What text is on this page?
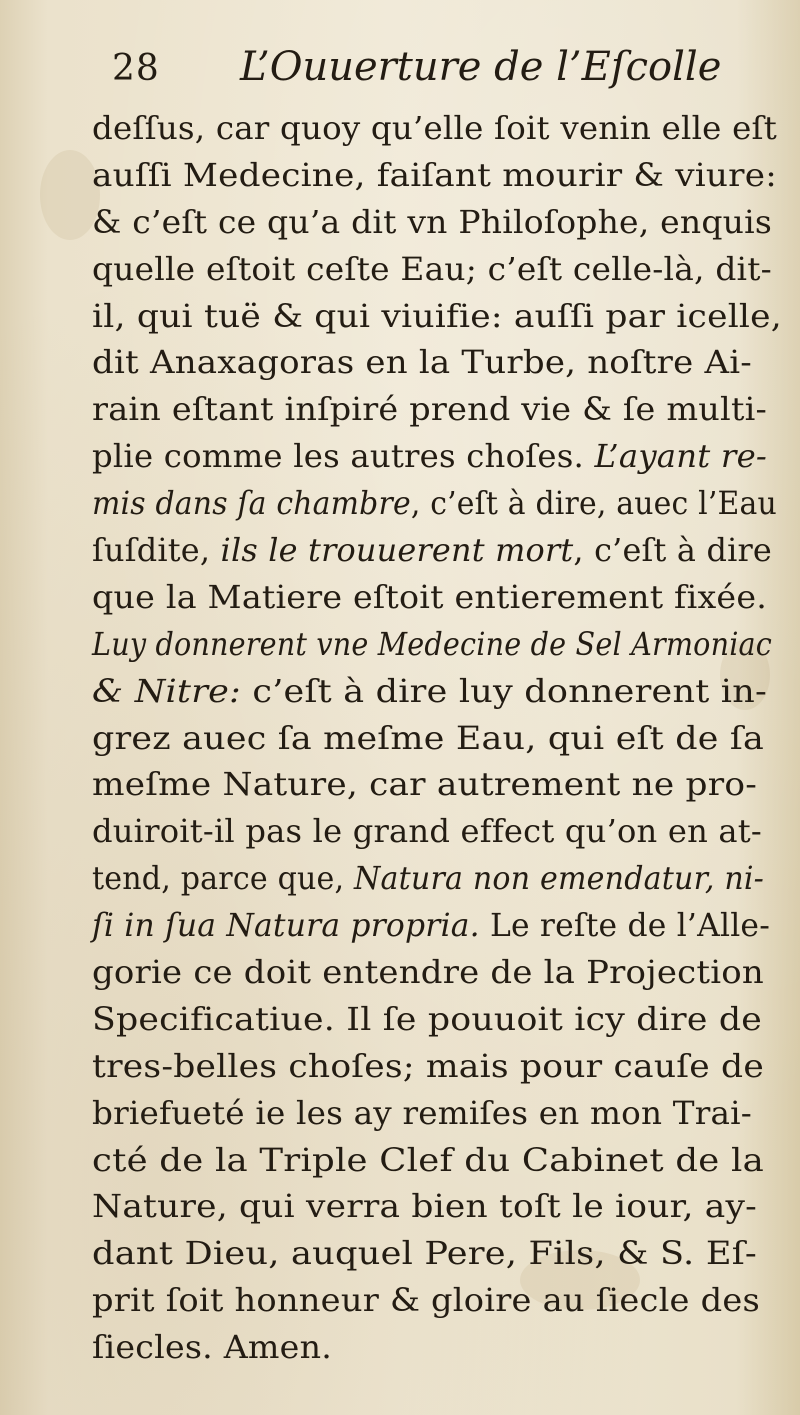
28 L’Ouuerture de l’Eſcolle
deſſus, car quoy qu’elle ſoit venin elle eſt
auſſi Medecine, faiſant mourir & viure:
& c’eſt ce qu’a dit vn Philoſophe, enquis
quelle eſtoit ceſte Eau; c’eſt celle-là, dit-
il, qui tuë & qui viuifie: auſſi par icelle,
dit Anaxagoras en la Turbe, noſtre Ai-
rain eſtant inſpiré prend vie & ſe multi-
plie comme les autres choſes. L’ayant re-
mis dans ſa chambre, c’eſt à dire, auec l’Eau
ſuſdite, ils le trouuerent mort, c’eſt à dire
que la Matiere eſtoit entierement fixée.
Luy donnerent vne Medecine de Sel Armoniac
& Nitre: c’eſt à dire luy donnerent in-
grez auec ſa meſme Eau, qui eſt de ſa
meſme Nature, car autrement ne pro-
duiroit-il pas le grand effect qu’on en at-
tend, parce que, Natura non emendatur, ni-
ſi in ſua Natura propria. Le reſte de l’Alle-
gorie ce doit entendre de la Projection
Specificatiue. Il ſe pouuoit icy dire de
tres-belles choſes; mais pour cauſe de
briefueté ie les ay remiſes en mon Trai-
cté de la Triple Clef du Cabinet de la
Nature, qui verra bien toſt le iour, ay-
dant Dieu, auquel Pere, Fils, & S. Eſ-
prit ſoit honneur & gloire au ſiecle des
ſiecles. Amen.
